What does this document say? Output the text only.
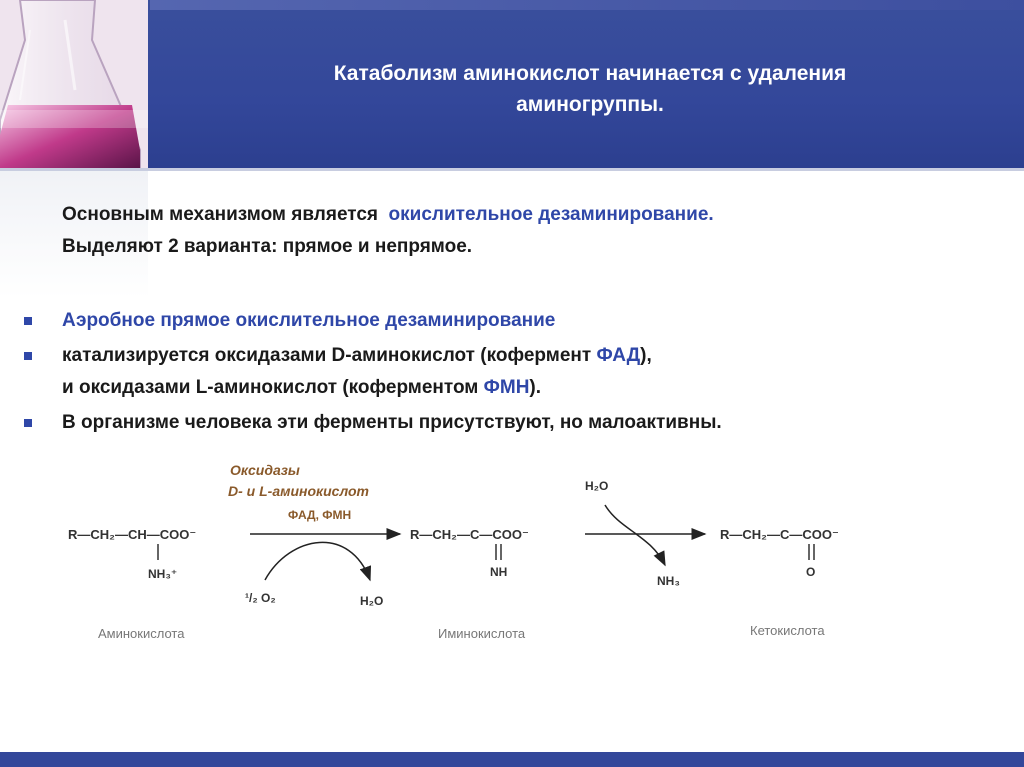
Катаболизм аминокислот начинается с удаления
аминогруппы.
Основным механизмом является окислительное дезаминирование.
Выделяют 2 варианта: прямое и непрямое.
Аэробное прямое окислительное дезаминирование
катализируется оксидазами D-аминокислот (кофермент ФАД),
и оксидазами L-аминокислот (коферментом ФМН).
В организме человека эти ферменты присутствуют, но малоактивны.
Оксидазы
D- и L-аминокислот
ФАД, ФМН
R—CH₂—CH—COO⁻
NH₃⁺
¹/₂ O₂	H₂O
R—CH₂—C—COO⁻
NH
H₂O
NH₃
R—CH₂—C—COO⁻
O
Аминокислота	Иминокислота	Кетокислота
